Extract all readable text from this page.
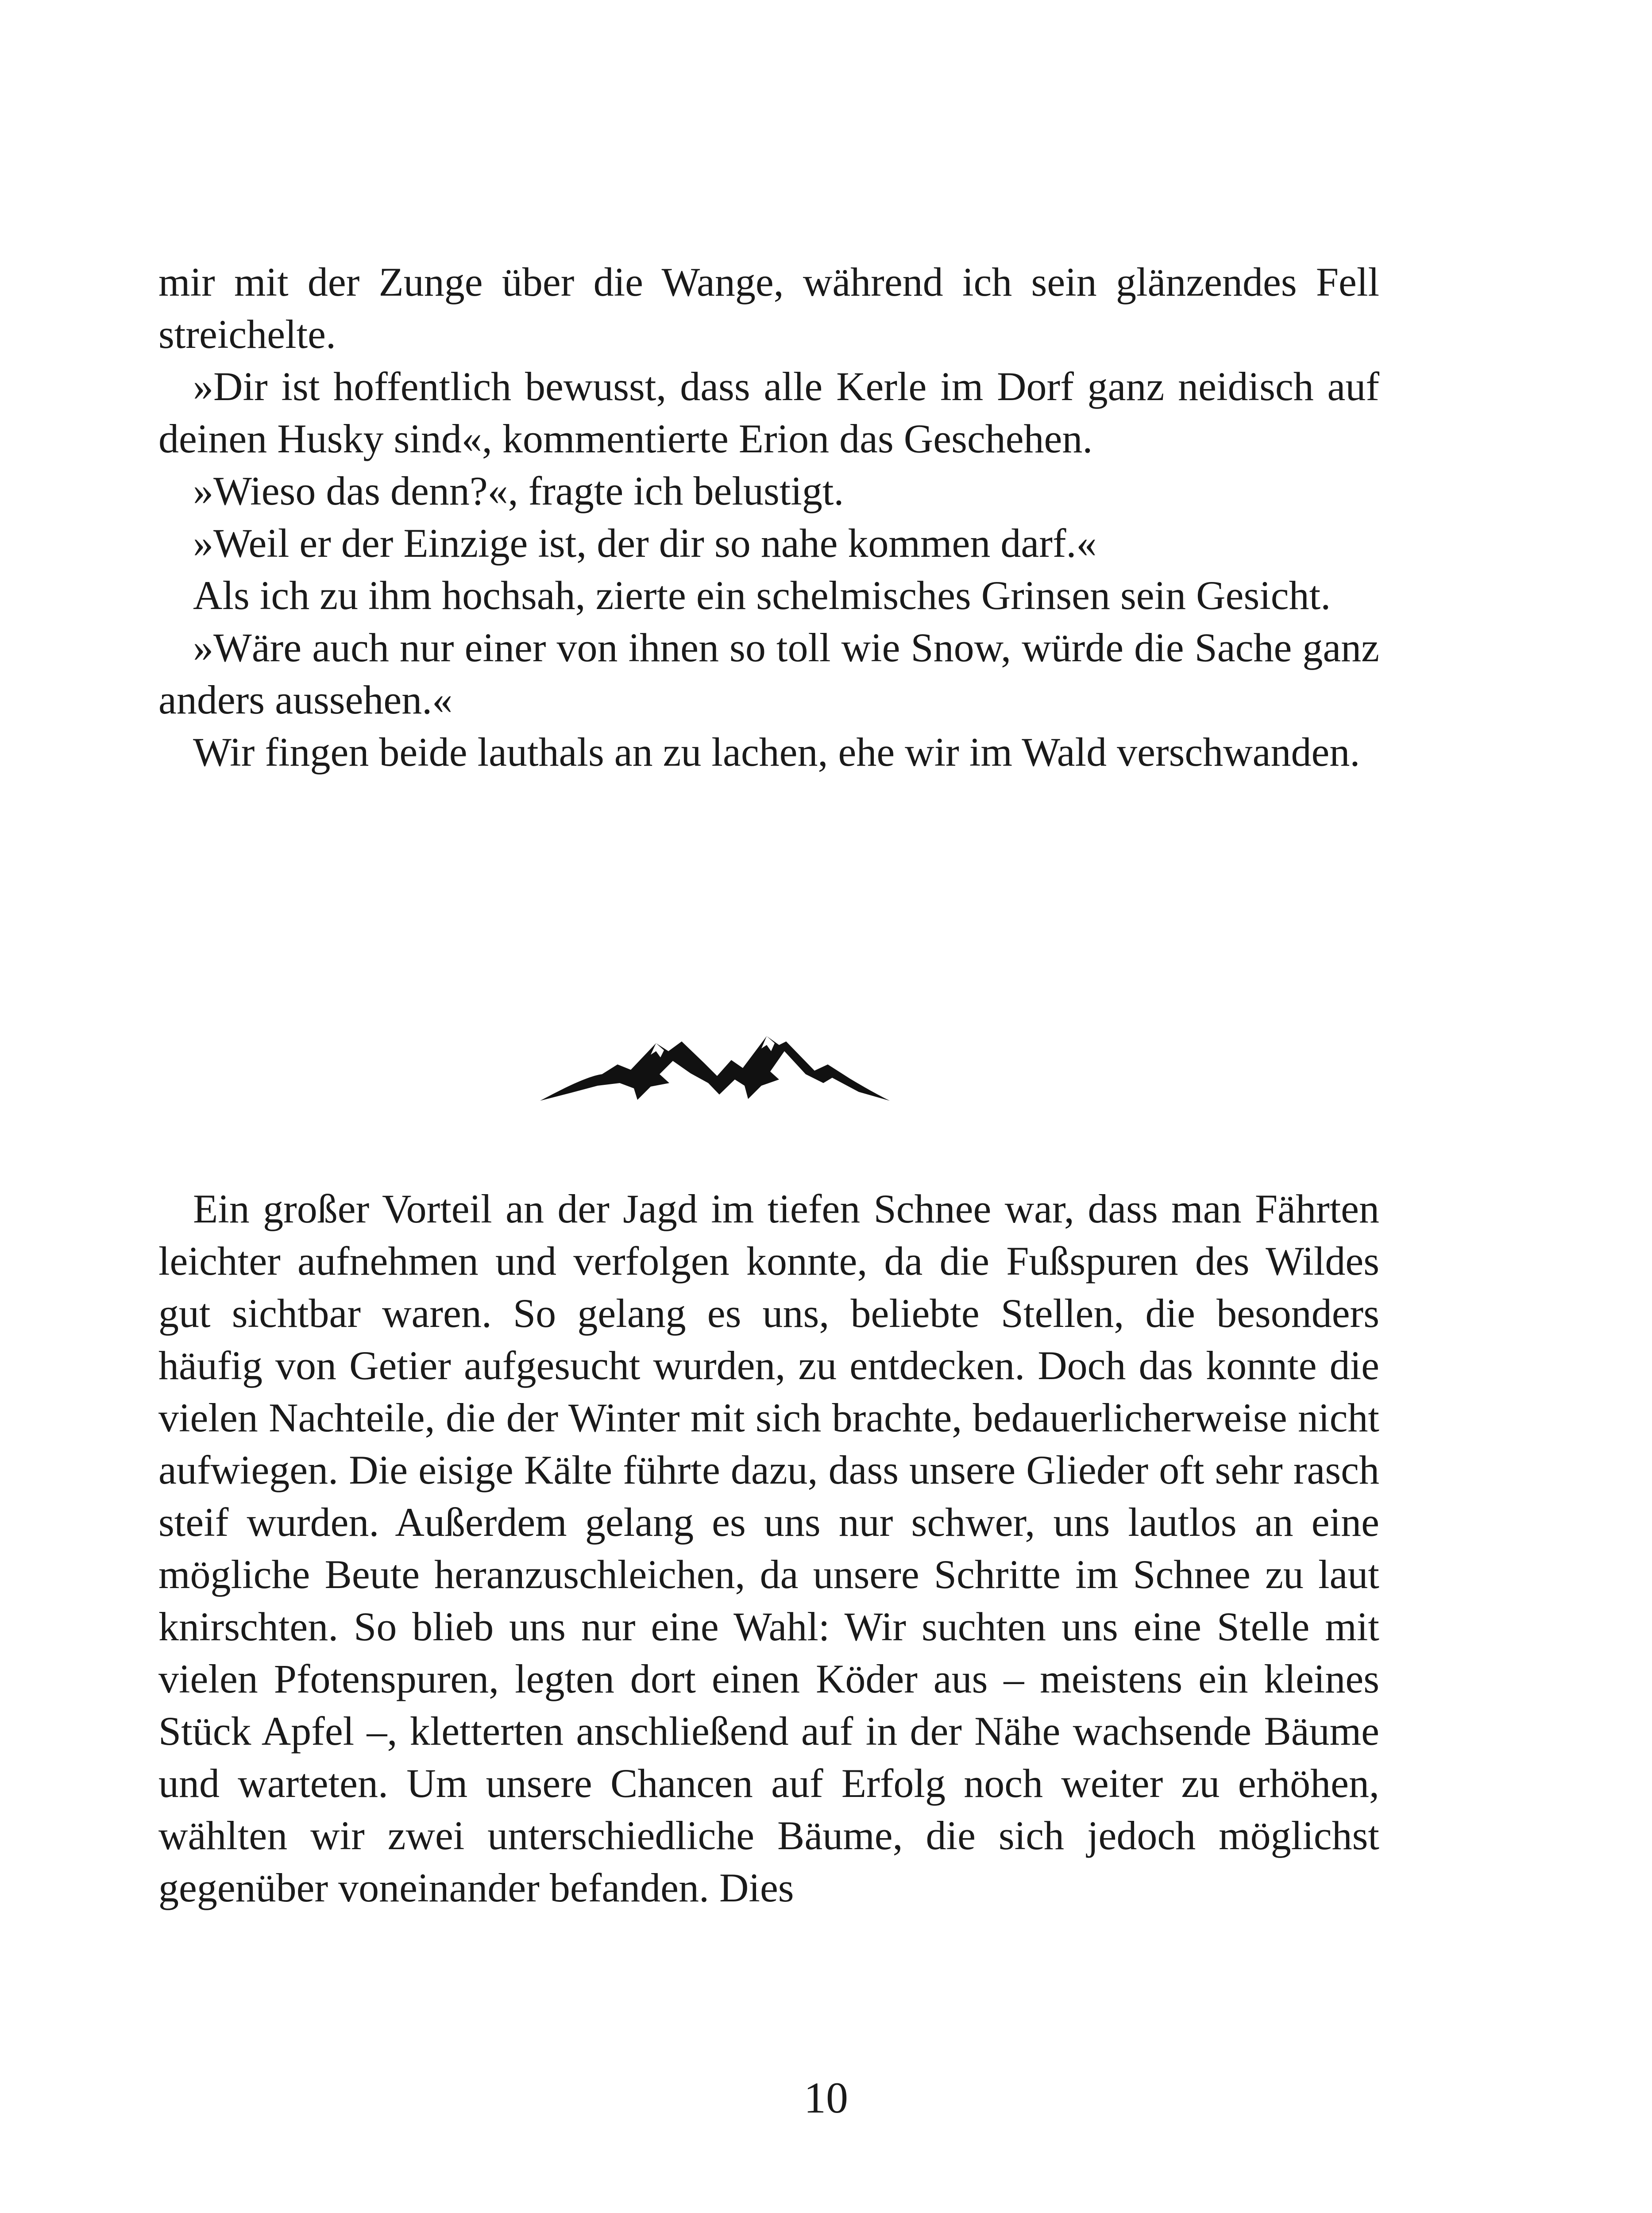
mir mit der Zunge über die Wange, während ich sein glänzendes Fell streichelte.

»Dir ist hoffentlich bewusst, dass alle Kerle im Dorf ganz neidisch auf deinen Husky sind«, kommentierte Erion das Geschehen.

»Wieso das denn?«, fragte ich belustigt.

»Weil er der Einzige ist, der dir so nahe kommen darf.«

Als ich zu ihm hochsah, zierte ein schelmisches Grinsen sein Gesicht.

»Wäre auch nur einer von ihnen so toll wie Snow, würde die Sache ganz anders aussehen.«

Wir fingen beide lauthals an zu lachen, ehe wir im Wald verschwanden.

Ein großer Vorteil an der Jagd im tiefen Schnee war, dass man Fährten leichter aufnehmen und verfolgen konnte, da die Fußspuren des Wildes gut sichtbar waren. So gelang es uns, beliebte Stellen, die besonders häufig von Getier aufgesucht wurden, zu entdecken. Doch das konnte die vielen Nachteile, die der Winter mit sich brachte, bedauerlicherweise nicht aufwiegen. Die eisige Kälte führte dazu, dass unsere Glieder oft sehr rasch steif wurden. Außerdem gelang es uns nur schwer, uns lautlos an eine mögliche Beute heranzuschleichen, da unsere Schritte im Schnee zu laut knirschten. So blieb uns nur eine Wahl: Wir suchten uns eine Stelle mit vielen Pfotenspuren, legten dort einen Köder aus – meistens ein kleines Stück Apfel –, kletterten anschließend auf in der Nähe wachsende Bäume und warteten. Um unsere Chancen auf Erfolg noch weiter zu erhöhen, wählten wir zwei unterschiedliche Bäume, die sich jedoch möglichst gegenüber voneinander befanden. Dies

10
